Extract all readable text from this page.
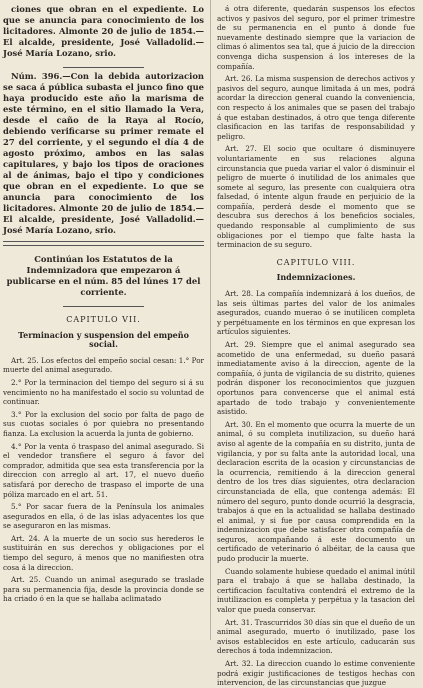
ciones que obran en el expediente. Lo que se anuncia para conocimiento de los licitadores. Almonte 20 de julio de 1854.—El alcalde, presidente, José Valladolid.—José María Lozano, srio.

Núm. 396.—Con la debida autorizacion se saca á pública subasta el junco fino que haya producido este año la marisma de este término, en el sitio llamado la Vera, desde el caño de la Raya al Rocío, debiendo verificarse su primer remate el 27 del corriente, y el segundo el día 4 de agosto próximo, ambos en las salas capitulares, y bajo los tipos de oraciones al de ánimas, bajo el tipo y condiciones que obran en el expediente. Lo que se anuncia para conocimiento de los licitadores. Almonte 20 de julio de 1854.—El alcalde, presidente, José Valladolid.—José María Lozano, srio.

Continúan los Estatutos de la Indemnizadora que empezaron á publicarse en el núm. 85 del lúnes 17 del corriente.

CAPITULO VII.
Terminacion y suspension del empeño social.

Art. 25. Los efectos del empeño social cesan: 1.° Por muerte del animal asegurado.

2.° Por la terminacion del tiempo del seguro si á su vencimiento no ha manifestado el socio su voluntad de continuar.

3.° Por la exclusion del socio por falta de pago de sus cuotas sociales ó por quiebra no presentando fianza. La exclusion la acuerda la junta de gobierno.

4.° Por la venta ó traspaso del animal asegurado. Si el vendedor transfiere el seguro á favor del comprador, admitida que sea esta transferencia por la direccion con arreglo al art. 17, el nuevo dueño satisfará por derecho de traspaso el importe de una póliza marcado en el art. 51.

5.° Por sacar fuera de la Península los animales asegurados en ella, ó de las islas adyacentes los que se aseguraron en las mismas.

Art. 24. A la muerte de un socio sus herederos le sustituirán en sus derechos y obligaciones por el tiempo del seguro, á menos que no manifiesten otra cosa á la direccion.

Art. 25. Cuando un animal asegurado se traslade para su permanencia fija, desde la provincia donde se ha criado ó en la que se hallaba aclimatado

á otra diferente, quedarán suspensos los efectos activos y pasivos del seguro, por el primer trimestre de su permanencia en el punto á donde fue nuevamente destinado siempre que la variacion de climas ó alimentos sea tal, que á juicio de la direccion convenga dicha suspension á los intereses de la compañía.

Art. 26. La misma suspension de derechos activos y pasivos del seguro, aunque limitada á un mes, podrá acordar la direccion general cuando la conveniencia, con respecto á los animales que se pasen del trabajo á que estaban destinados, á otro que tenga diferente clasificacion en las tarifas de responsabilidad y peligro.

Art. 27. El socio que ocultare ó disminuyere voluntariamente en sus relaciones alguna circunstancia que pueda variar el valor ó disminuir el peligro de muerte ó inutilidad de los animales que somete al seguro, las presente con cualquiera otra falsedad, ó intente algun fraude en perjuicio de la compañía, perderá desde el momento que se descubra sus derechos á los beneficios sociales, quedando responsable al cumplimiento de sus obligaciones por el tiempo que falte hasta la terminacion de su seguro.

CAPITULO VIII.
Indemnizaciones.

Art. 28. La compañía indemnizará á los dueños, de las seis últimas partes del valor de los animales asegurados, cuando muerao ó se inutilicen completa y perpétuamente en los términos en que expresan los artículos siguientes.

Art. 29. Siempre que el animal asegurado sea acometido de una enfermedad, su dueño pasará inmediatamente aviso á la direccion, agente de la compañía, ó junta de vigilancia de su distrito, quienes podrán disponer los reconocimientos que juzguen oportunos para convencerse que el animal está apartado de todo trabajo y convenientemente asistido.

Art. 30. En el momento que ocurra la muerte de un animal, ó su completa inutilizacion, su dueño hará aviso al agente de la compañía en su distrito, junta de vigilancia, y por su falta ante la autoridad local, una declaracion escrita de la ocasion y circunstancias de la ocurrencia, remitiendo á la direccion general dentro de los tres días siguientes, otra declaracion circunstanciada de ella, que contenga además: El número del seguro, punto donde ocurrió la desgracia, trabajos á que en la actualidad se hallaba destinado el animal, y si fue por causa comprendida en la indemnizacion que debe satisfacer otra compañía de seguros, acompañando á este documento un certificado de veterinario ó albéitar, de la causa que pudo producir la muerte.

Cuando solamente hubiese quedado el animal inútil para el trabajo á que se hallaba destinado, la certificacion facultativa contendrá el extremo de la inutilizacion es completa y perpétua y la tasacion del valor que pueda conservar.

Art. 31. Trascurridos 30 días sin que el dueño de un animal asegurado, muerto ó inutilizado, pase los avisos establecidos en este artículo, caducarán sus derechos á toda indemnizacion.

Art. 32. La direccion cuando lo estime conveniente podrá exigir justificaciones de testigos hechas con intervencion, de las circunstancias que juzgue
